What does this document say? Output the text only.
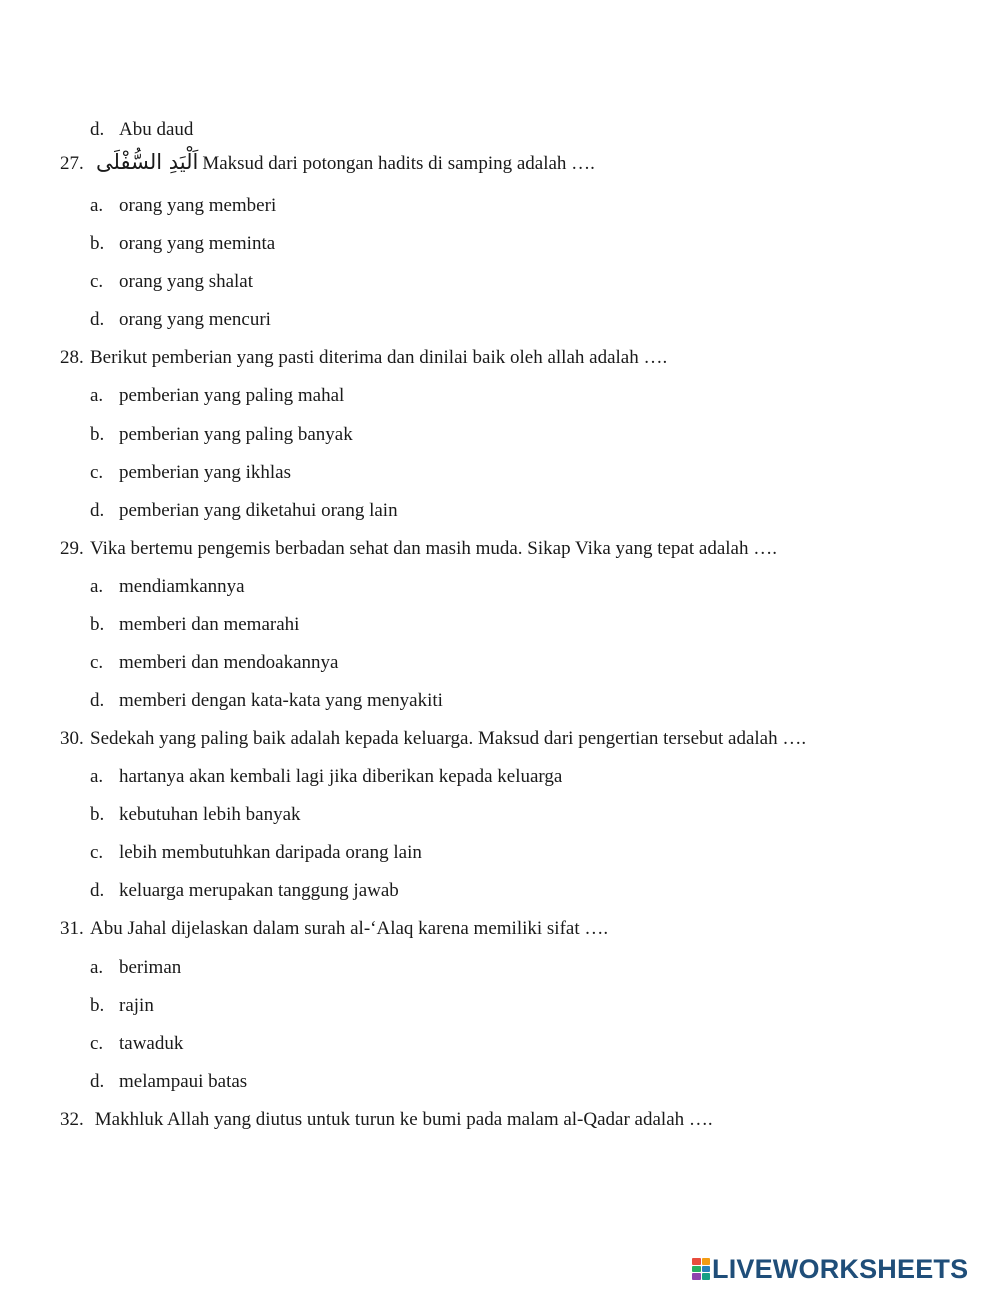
d. Abu daud
27. اَلْيَدِ السُّفْلَى Maksud dari potongan hadits di samping adalah ….
a. orang yang memberi
b. orang yang meminta
c. orang yang shalat
d. orang yang mencuri
28. Berikut pemberian yang pasti diterima dan dinilai baik oleh allah adalah ….
a. pemberian yang paling mahal
b. pemberian yang paling banyak
c. pemberian yang ikhlas
d. pemberian yang diketahui orang lain
29. Vika bertemu pengemis berbadan sehat dan masih muda. Sikap Vika yang tepat adalah ….
a. mendiamkannya
b. memberi dan memarahi
c. memberi dan mendoakannya
d. memberi dengan kata-kata yang menyakiti
30. Sedekah yang paling baik adalah kepada keluarga. Maksud dari pengertian tersebut adalah ….
a. hartanya akan kembali lagi jika diberikan kepada keluarga
b. kebutuhan lebih banyak
c. lebih membutuhkan daripada orang lain
d. keluarga merupakan tanggung jawab
31. Abu Jahal dijelaskan dalam surah al-‘Alaq karena memiliki sifat ….
a. beriman
b. rajin
c. tawaduk
d. melampaui batas
32. Makhluk Allah yang diutus untuk turun ke bumi pada malam al-Qadar adalah ….
LIVEWORKSHEETS
